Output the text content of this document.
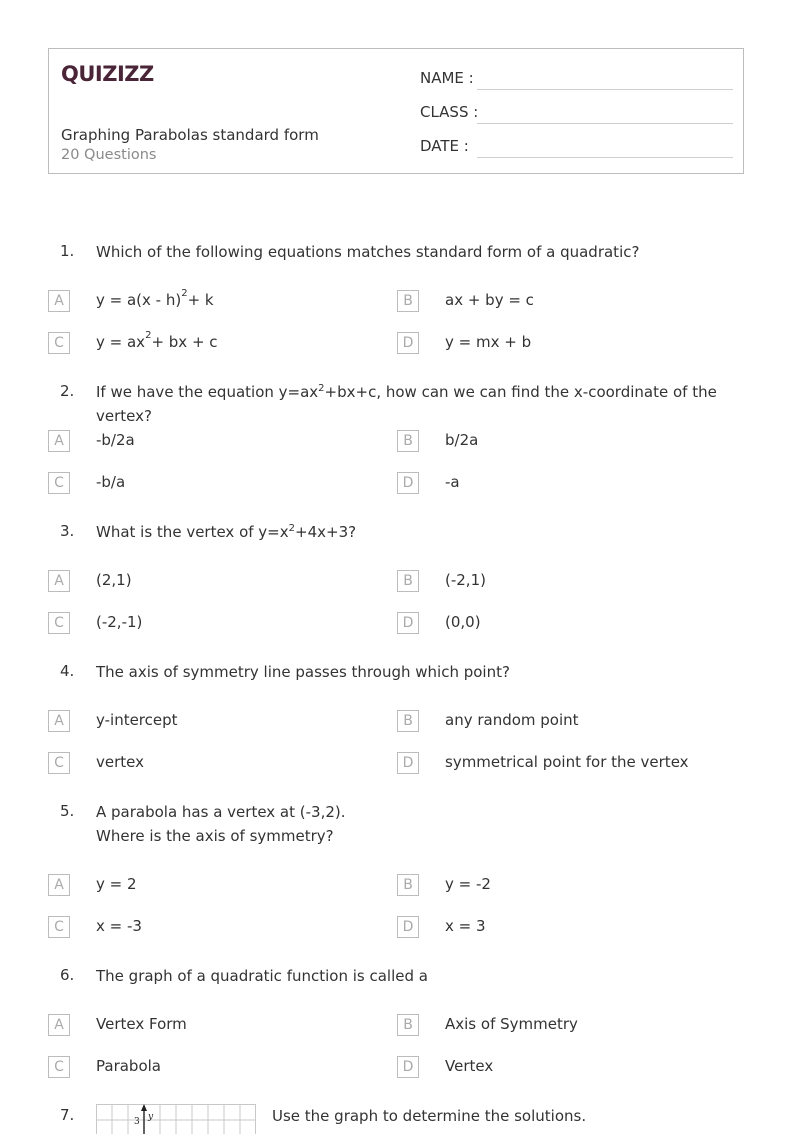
QUIZIZZ
Graphing Parabolas standard form
20 Questions
NAME :
CLASS :
DATE :
1. Which of the following equations matches standard form of a quadratic?
A	y = a(x - h)$^2$+ k	B	ax + by = c
C	$y = ax^2+$ bx + c	D	y = mx + b
2. If we have the equation $y=ax^2+bx+c$, how can we can find the x-coordinate of the vertex?
A	-b/2a	B	b/2a
C	-b/a	D	-a
3. What is the vertex of $y=x^2+4x+3$?
A	(2,1)	B	(-2,1)
C	(-2,-1)	D	(0,0)
4. The axis of symmetry line passes through which point?
A	y-intercept	B	any random point
C	vertex	D	symmetrical point for the vertex
5. A parabola has a vertex at (-3,2).
Where is the axis of symmetry?
A	y = 2	B	y = -2
C	x = -3	D	x = 3
6. The graph of a quadratic function is called a
A	Vertex Form	B	Axis of Symmetry
C	Parabola	D	Vertex
7.	3 y	Use the graph to determine the solutions.
